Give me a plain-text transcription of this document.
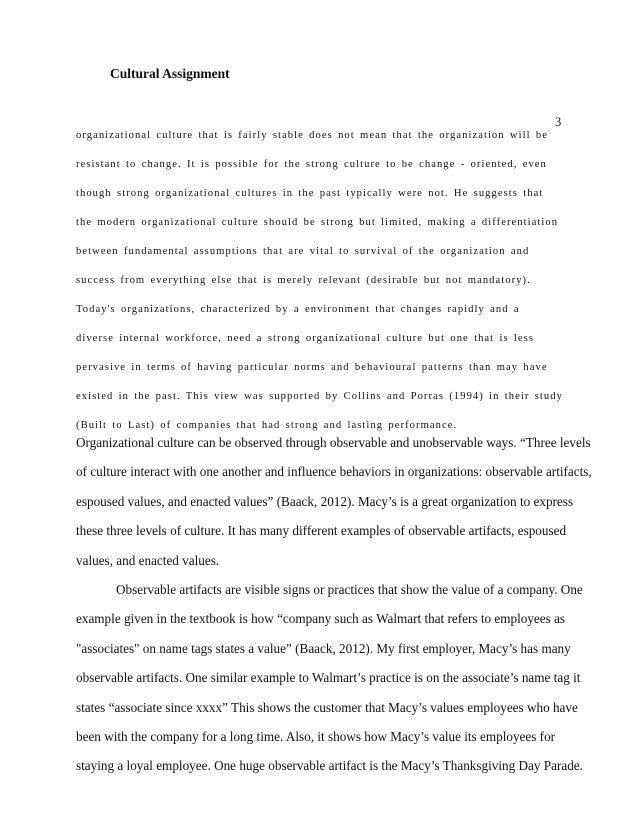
Cultural Assignment
3
organizational culture that is fairly stable does not mean that the organization will be
resistant to change. It is possible for the strong culture to be change - oriented, even
though strong organizational cultures in the past typically were not. He suggests that
the modern organizational culture should be strong but limited, making a differentiation
between fundamental assumptions that are vital to survival of the organization and
success from everything else that is merely relevant (desirable but not mandatory).
Today's organizations, characterized by a environment that changes rapidly and a
diverse internal workforce, need a strong organizational culture but one that is less
pervasive in terms of having particular norms and behavioural patterns than may have
existed in the past. This view was supported by Collins and Porras (1994) in their study
(Built to Last) of companies that had strong and lasting performance.
Organizational culture can be observed through observable and unobservable ways. “Three levels
of culture interact with one another and influence behaviors in organizations: observable artifacts,
espoused values, and enacted values” (Baack, 2012). Macy’s is a great organization to express
these three levels of culture. It has many different examples of observable artifacts, espoused
values, and enacted values.
Observable artifacts are visible signs or practices that show the value of a company. One
example given in the textbook is how “company such as Walmart that refers to employees as
"associates" on name tags states a value” (Baack, 2012). My first employer, Macy’s has many
observable artifacts. One similar example to Walmart’s practice is on the associate’s name tag it
states “associate since xxxx” This shows the customer that Macy’s values employees who have
been with the company for a long time. Also, it shows how Macy’s value its employees for
staying a loyal employee. One huge observable artifact is the Macy’s Thanksgiving Day Parade.
